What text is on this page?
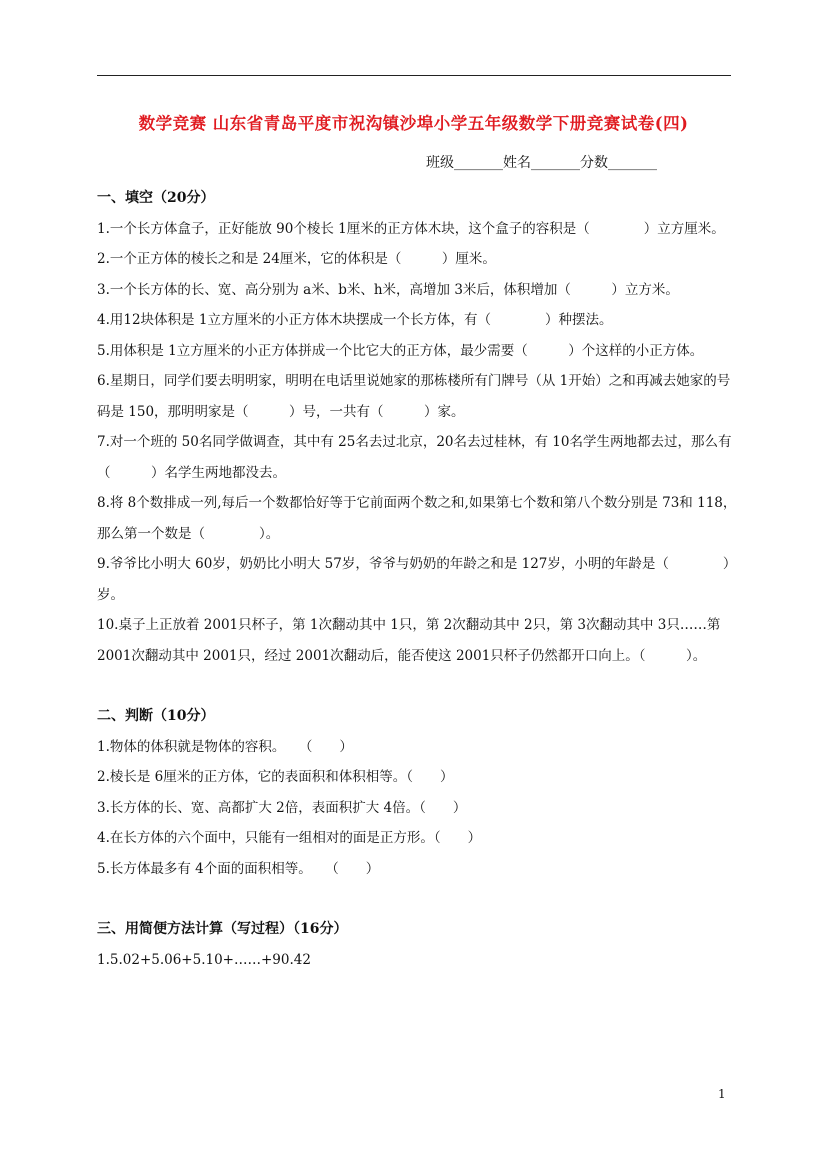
数学竞赛 山东省青岛平度市祝沟镇沙埠小学五年级数学下册竞赛试卷(四)
班级_______姓名_______分数_______
一、填空（20分）

1.一个长方体盒子，正好能放 90个棱长 1厘米的正方体木块，这个盒子的容积是（　　　　）立方厘米。

2.一个正方体的棱长之和是 24厘米，它的体积是（　　　）厘米。

3.一个长方体的长、宽、高分别为 a米、b米、h米，高增加 3米后，体积增加（　　　）立方米。

4.用12块体积是 1立方厘米的小正方体木块摆成一个长方体，有（　　　　）种摆法。

5.用体积是 1立方厘米的小正方体拼成一个比它大的正方体，最少需要（　　　）个这样的小正方体。

6.星期日，同学们要去明明家，明明在电话里说她家的那栋楼所有门牌号（从 1开始）之和再减去她家的号码是 150，那明明家是（　　　）号，一共有（　　　）家。

7.对一个班的 50名同学做调查，其中有 25名去过北京，20名去过桂林，有 10名学生两地都去过，那么有（　　　）名学生两地都没去。

8.将 8个数排成一列,每后一个数都恰好等于它前面两个数之和,如果第七个数和第八个数分别是 73和 118，那么第一个数是（　　　　）。

9.爷爷比小明大 60岁，奶奶比小明大 57岁，爷爷与奶奶的年龄之和是 127岁，小明的年龄是（　　　　）岁。

10.桌子上正放着 2001只杯子，第 1次翻动其中 1只，第 2次翻动其中 2只，第 3次翻动其中 3只……第 2001次翻动其中 2001只，经过 2001次翻动后，能否使这 2001只杯子仍然都开口向上。（　　　）。

二、判断（10分）

1.物体的体积就是物体的容积。　　（　　）

2.棱长是 6厘米的正方体，它的表面积和体积相等。（　　）

3.长方体的长、宽、高都扩大 2倍，表面积扩大 4倍。（　　）

4.在长方体的六个面中，只能有一组相对的面是正方形。（　　）

5.长方体最多有 4个面的面积相等。　　（　　）

三、用简便方法计算（写过程）（16分）

1.5.02+5.06+5.10+……+90.42

1
